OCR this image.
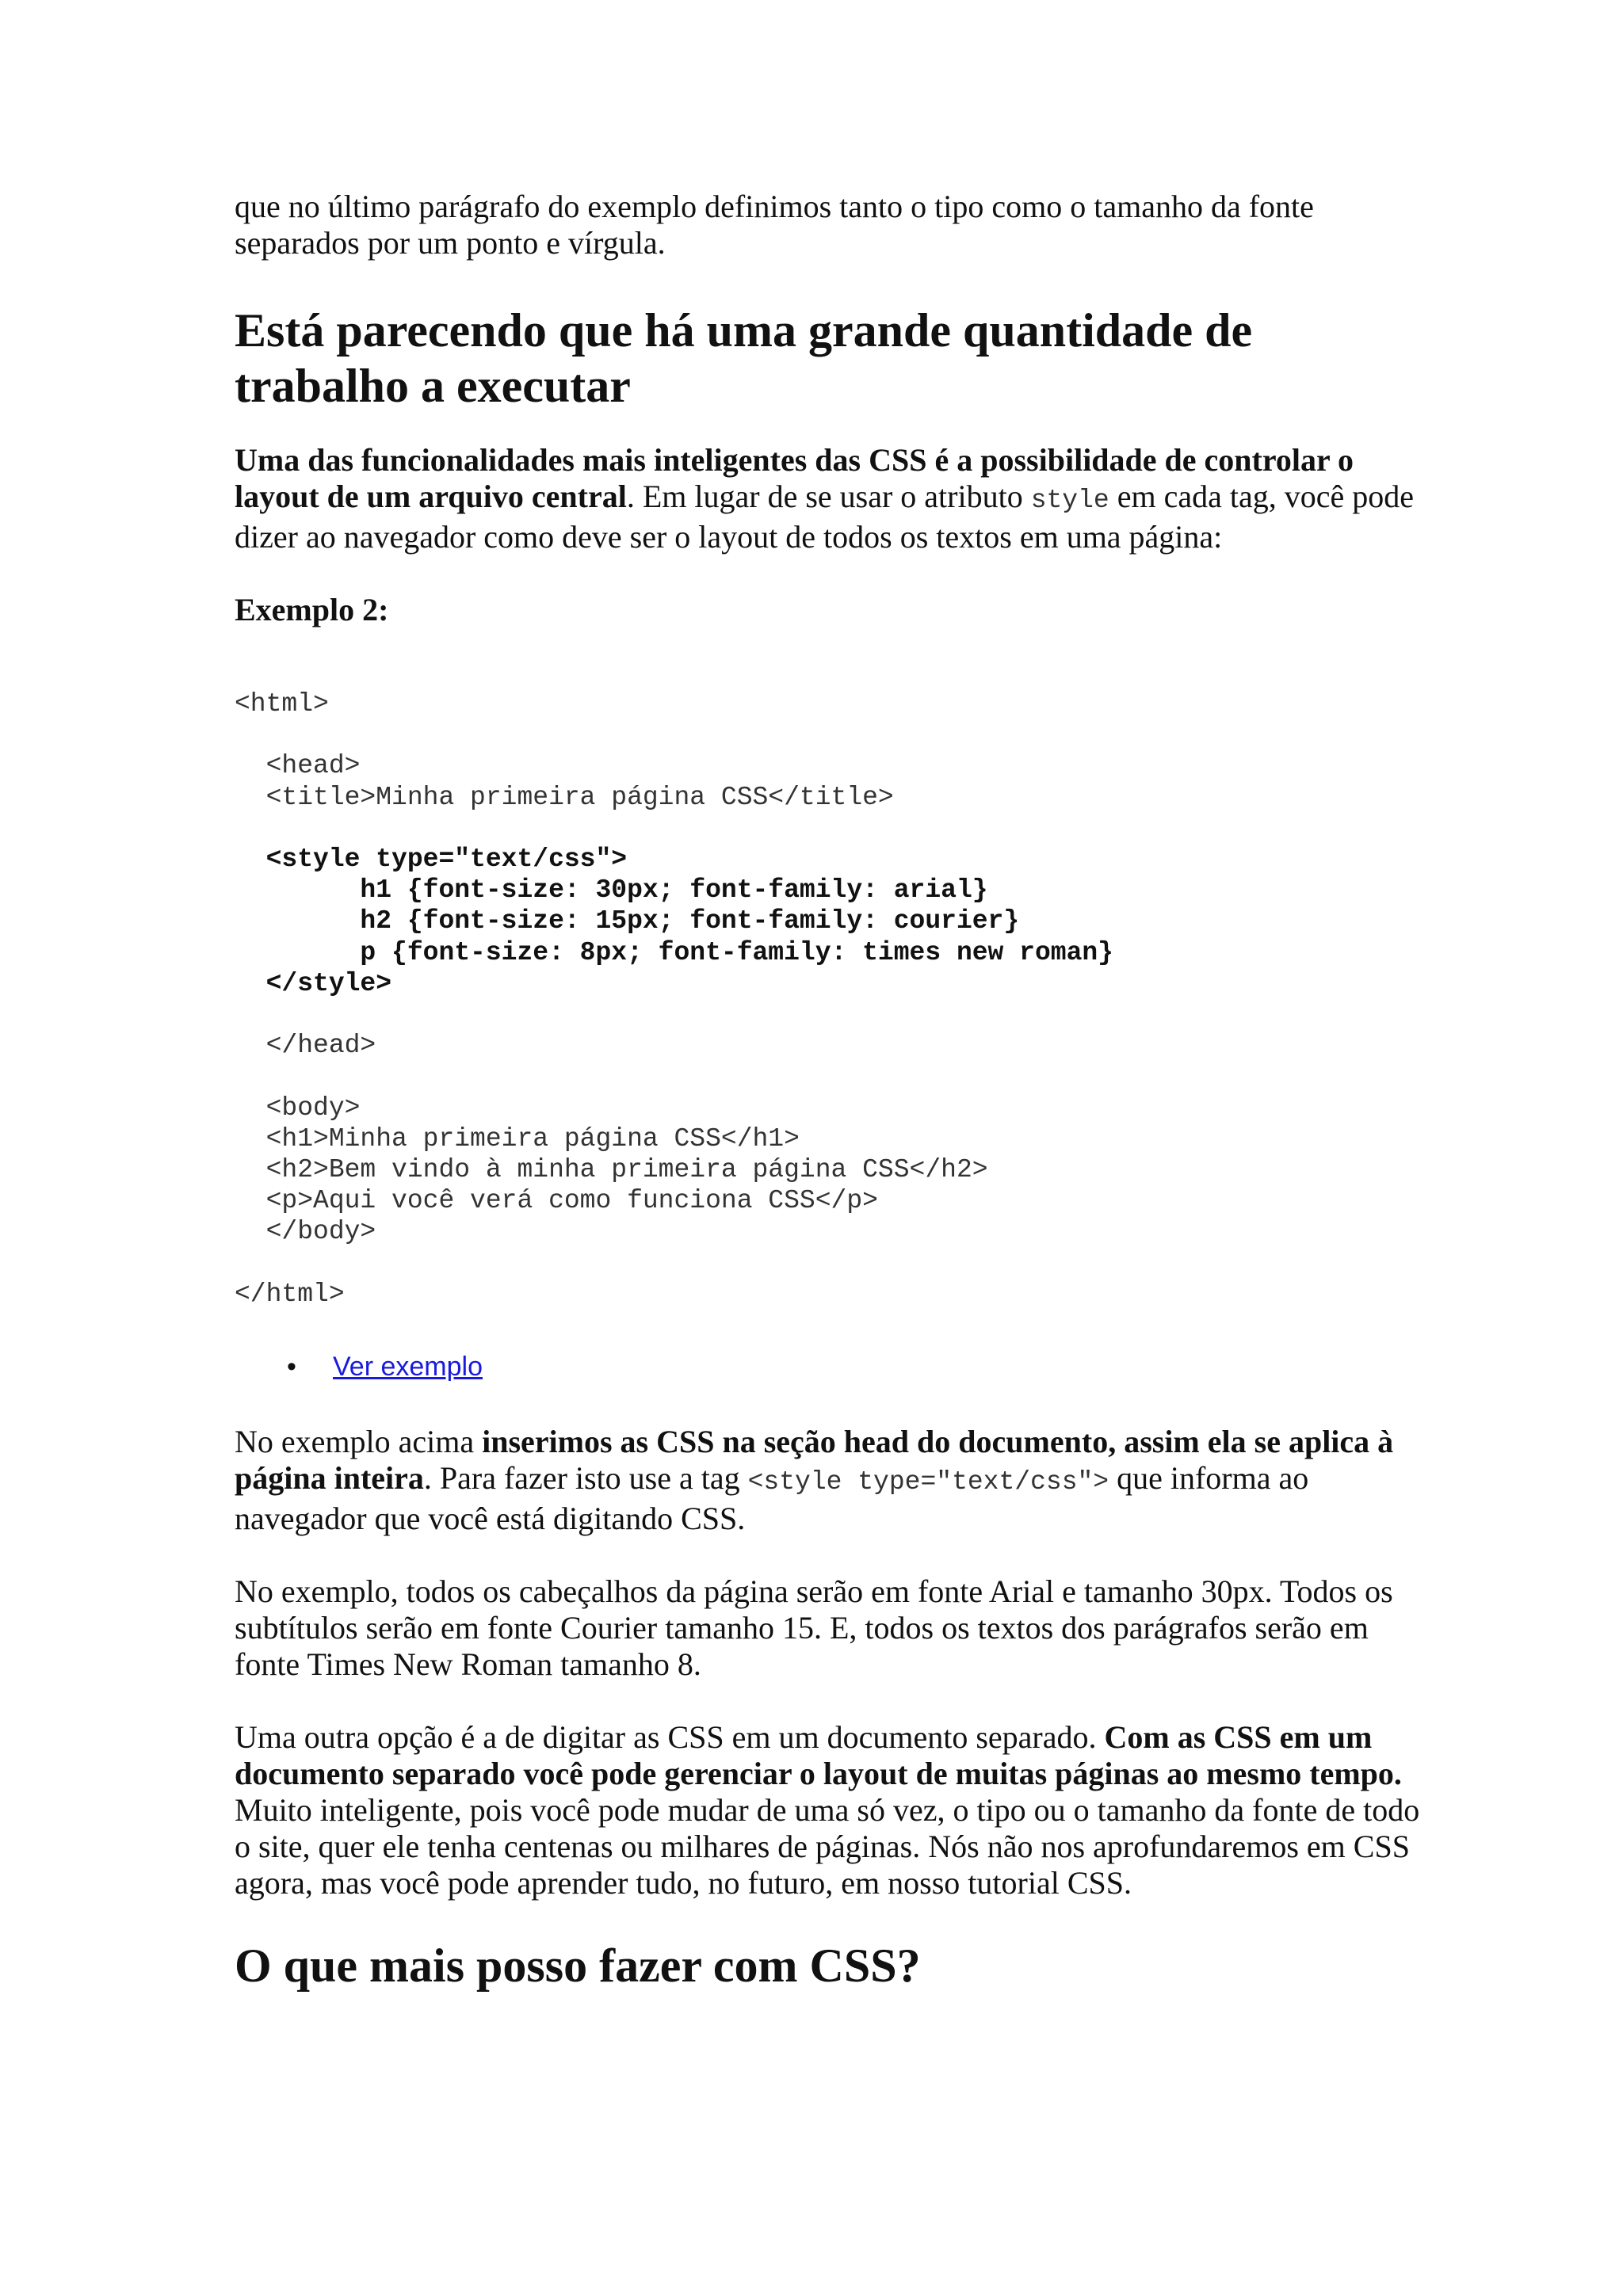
que no último parágrafo do exemplo definimos tanto o tipo como o tamanho da fonte
separados por um ponto e vírgula.

Está parecendo que há uma grande quantidade de
trabalho a executar

Uma das funcionalidades mais inteligentes das CSS é a possibilidade de controlar o layout de um arquivo central. Em lugar de se usar o atributo style em cada tag, você pode dizer ao navegador como deve ser o layout de todos os textos em uma página:

Exemplo 2:

<html>

<head>
<title>Minha primeira página CSS</title>

<style type="text/css">
h1 {font-size: 30px; font-family: arial}
h2 {font-size: 15px; font-family: courier}
p {font-size: 8px; font-family: times new roman}
</style>

</head>

<body>
<h1>Minha primeira página CSS</h1>
<h2>Bem vindo à minha primeira página CSS</h2>
<p>Aqui você verá como funciona CSS</p>
</body>

</html>
• Ver exemplo

No exemplo acima inserimos as CSS na seção head do documento, assim ela se aplica à página inteira. Para fazer isto use a tag <style type="text/css"> que informa ao navegador que você está digitando CSS.

No exemplo, todos os cabeçalhos da página serão em fonte Arial e tamanho 30px. Todos os subtítulos serão em fonte Courier tamanho 15. E, todos os textos dos parágrafos serão em fonte Times New Roman tamanho 8.

Uma outra opção é a de digitar as CSS em um documento separado. Com as CSS em um documento separado você pode gerenciar o layout de muitas páginas ao mesmo tempo. Muito inteligente, pois você pode mudar de uma só vez, o tipo ou o tamanho da fonte de todo o site, quer ele tenha centenas ou milhares de páginas. Nós não nos aprofundaremos em CSS agora, mas você pode aprender tudo, no futuro, em nosso tutorial CSS.

O que mais posso fazer com CSS?
